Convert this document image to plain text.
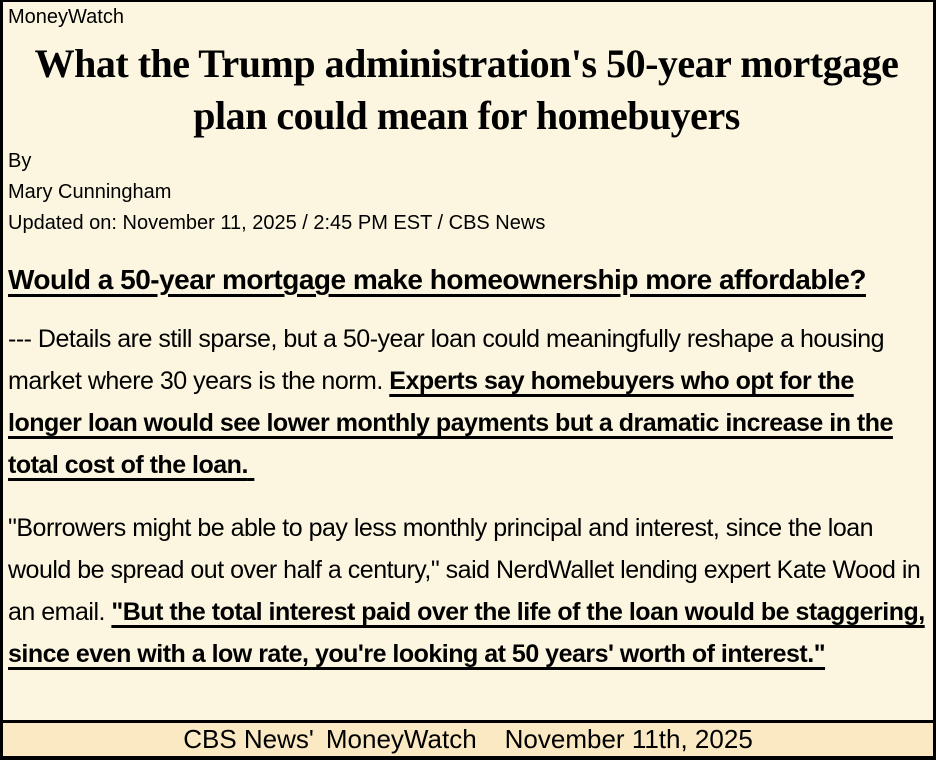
MoneyWatch
What the Trump administration's 50-year mortgage plan could mean for homebuyers
By
Mary Cunningham
Updated on: November 11, 2025 / 2:45 PM EST / CBS News
Would a 50-year mortgage make homeownership more affordable?

--- Details are still sparse, but a 50-year loan could meaningfully reshape a housing market where 30 years is the norm. Experts say homebuyers who opt for the longer loan would see lower monthly payments but a dramatic increase in the total cost of the loan.

"Borrowers might be able to pay less monthly principal and interest, since the loan would be spread out over half a century," said NerdWallet lending expert Kate Wood in an email. "But the total interest paid over the life of the loan would be staggering, since even with a low rate, you're looking at 50 years' worth of interest."

CBS News' MoneyWatch November 11th, 2025
